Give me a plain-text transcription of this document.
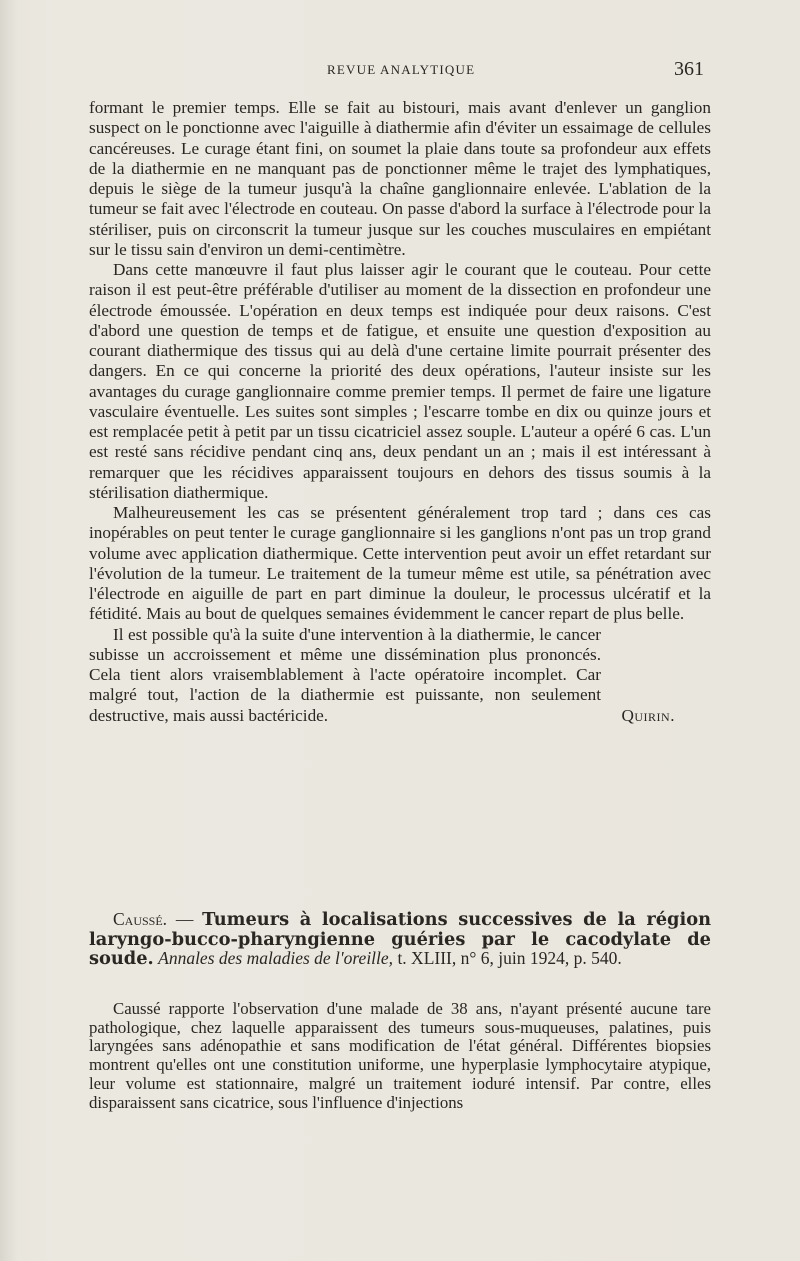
REVUE ANALYTIQUE	361

formant le premier temps. Elle se fait au bistouri, mais avant d'enlever un ganglion suspect on le ponctionne avec l'aiguille à diathermie afin d'éviter un essaimage de cellules cancéreuses. Le curage étant fini, on soumet la plaie dans toute sa profondeur aux effets de la diathermie en ne manquant pas de ponctionner même le trajet des lymphatiques, depuis le siège de la tumeur jusqu'à la chaîne ganglionnaire enlevée. L'ablation de la tumeur se fait avec l'électrode en couteau. On passe d'abord la surface à l'électrode pour la stériliser, puis on circonscrit la tumeur jusque sur les couches musculaires en empiétant sur le tissu sain d'environ un demi-centimètre.

Dans cette manœuvre il faut plus laisser agir le courant que le couteau. Pour cette raison il est peut-être préférable d'utiliser au moment de la dissection en profondeur une électrode émoussée. L'opération en deux temps est indiquée pour deux raisons. C'est d'abord une question de temps et de fatigue, et ensuite une question d'exposition au courant diathermique des tissus qui au delà d'une certaine limite pourrait présenter des dangers. En ce qui concerne la priorité des deux opérations, l'auteur insiste sur les avantages du curage ganglionnaire comme premier temps. Il permet de faire une ligature vasculaire éventuelle. Les suites sont simples ; l'escarre tombe en dix ou quinze jours et est remplacée petit à petit par un tissu cicatriciel assez souple. L'auteur a opéré 6 cas. L'un est resté sans récidive pendant cinq ans, deux pendant un an ; mais il est intéressant à remarquer que les récidives apparaissent toujours en dehors des tissus soumis à la stérilisation diathermique.

Malheureusement les cas se présentent généralement trop tard ; dans ces cas inopérables on peut tenter le curage ganglionnaire si les ganglions n'ont pas un trop grand volume avec application diathermique. Cette intervention peut avoir un effet retardant sur l'évolution de la tumeur. Le traitement de la tumeur même est utile, sa pénétration avec l'électrode en aiguille de part en part diminue la douleur, le processus ulcératif et la fétidité. Mais au bout de quelques semaines évidemment le cancer repart de plus belle.

Il est possible qu'à la suite d'une intervention à la diathermie, le cancer subisse un accroissement et même une dissémination plus prononcés. Cela tient alors vraisemblablement à l'acte opératoire incomplet. Car malgré tout, l'action de la diathermie est puissante, non seulement destructive, mais aussi bactéricide.	Quirin.
Caussé. — Tumeurs à localisations successives de la région laryngo-bucco-pharyngienne guéries par le cacodylate de soude. Annales des maladies de l'oreille, t. XLIII, n° 6, juin 1924, p. 540.

Caussé rapporte l'observation d'une malade de 38 ans, n'ayant présenté aucune tare pathologique, chez laquelle apparaissent des tumeurs sous-muqueuses, palatines, puis laryngées sans adénopathie et sans modification de l'état général. Différentes biopsies montrent qu'elles ont une constitution uniforme, une hyperplasie lymphocytaire atypique, leur volume est stationnaire, malgré un traitement ioduré intensif. Par contre, elles disparaissent sans cicatrice, sous l'influence d'injections
